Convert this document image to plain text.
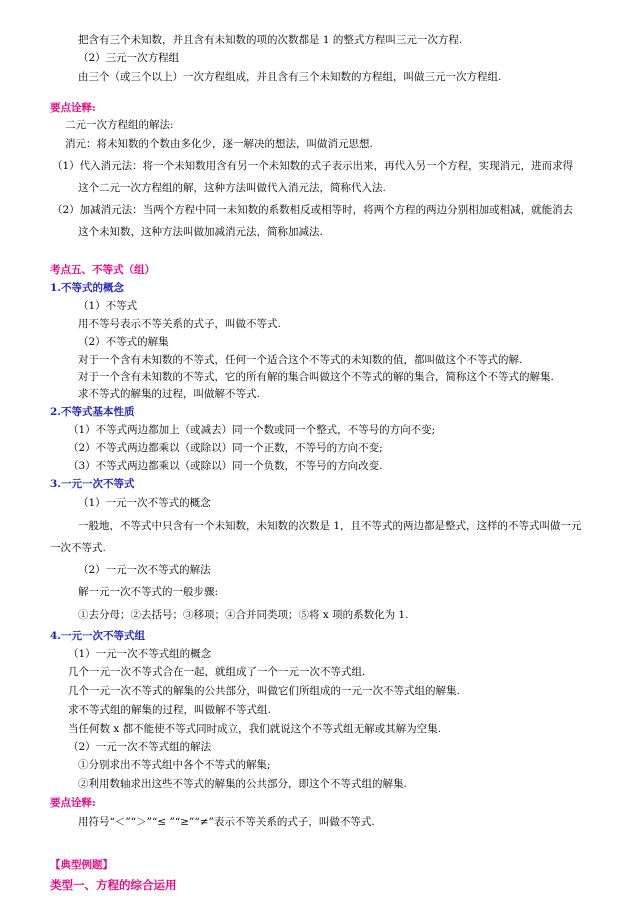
把含有三个未知数，并且含有未知数的项的次数都是 1 的整式方程叫三元一次方程.
（2）三元一次方程组
由三个（或三个以上）一次方程组成，并且含有三个未知数的方程组，叫做三元一次方程组.
要点诠释:
二元一次方程组的解法:
消元：将未知数的个数由多化少，逐一解决的想法，叫做消元思想.
（1）代入消元法：将一个未知数用含有另一个未知数的式子表示出来，再代入另一个方程，实现消元，进而求得
这个二元一次方程组的解，这种方法叫做代入消元法，简称代入法.
（2）加减消元法：当两个方程中同一未知数的系数相反或相等时，将两个方程的两边分别相加或相减，就能消去
这个未知数，这种方法叫做加减消元法，简称加减法.
考点五、不等式（组）
1.不等式的概念
（1）不等式
用不等号表示不等关系的式子，叫做不等式.
（2）不等式的解集
对于一个含有未知数的不等式，任何一个适合这个不等式的未知数的值，都叫做这个不等式的解.
对于一个含有未知数的不等式，它的所有解的集合叫做这个不等式的解的集合，简称这个不等式的解集.
求不等式的解集的过程，叫做解不等式.
2.不等式基本性质
（1）不等式两边都加上（或减去）同一个数或同一个整式，不等号的方向不变;
（2）不等式两边都乘以（或除以）同一个正数，不等号的方向不变;
（3）不等式两边都乘以（或除以）同一个负数，不等号的方向改变.
3.一元一次不等式
（1）一元一次不等式的概念
一般地，不等式中只含有一个未知数，未知数的次数是 1，且不等式的两边都是整式，这样的不等式叫做一元
一次不等式.
（2）一元一次不等式的解法
解一元一次不等式的一般步骤:
①去分母；②去括号；③移项；④合并同类项；⑤将 x 项的系数化为 1.
4.一元一次不等式组
（1）一元一次不等式组的概念
几个一元一次不等式合在一起，就组成了一个一元一次不等式组.
几个一元一次不等式的解集的公共部分，叫做它们所组成的一元一次不等式组的解集.
求不等式组的解集的过程，叫做解不等式组.
当任何数 x 都不能使不等式同时成立，我们就说这个不等式组无解或其解为空集.
（2）一元一次不等式组的解法
①分别求出不等式组中各个不等式的解集;
②利用数轴求出这些不等式的解集的公共部分，即这个不等式组的解集.
要点诠释:
用符号“＜”“＞”“≤ ”“≥”“≠”表示不等关系的式子，叫做不等式.
【典型例题】
类型一、方程的综合运用
